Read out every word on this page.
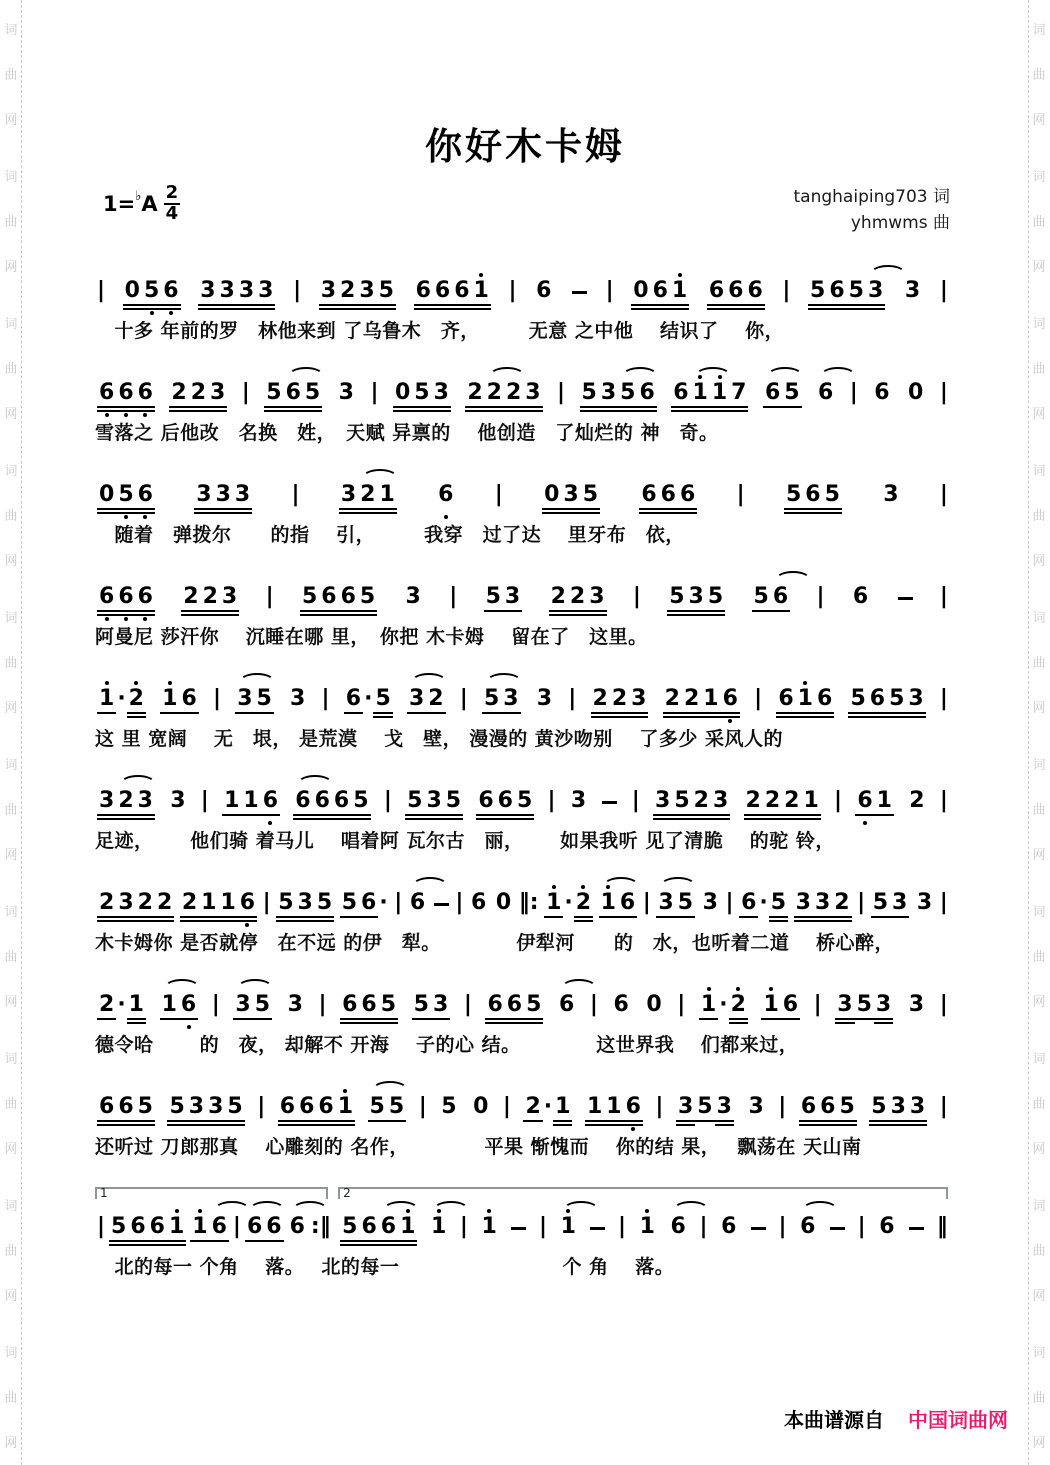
词
曲
网
词
曲
网
词
曲
网
词
曲
网
词
曲
网
词
曲
网
词
曲
网
词
曲
网
词
曲
网
词
曲
网
词
曲
网
词
曲
网
词
曲
网
词
曲
网
词
曲
网
词
曲
网
词
曲
网
词
曲
网
词
曲
网
词
曲
网
你好木卡姆
1= ♭ A $\frac{2}{4}$	tanghaiping703 词
yhmwms 曲
| 0 5 6 3 3 3 3 | 3 2 3 5 6 6 6 1 | 6 | 0 6 1 6 6 6 | 5 6 5 3 3 |
　十多 年前的罗　林他来到 了乌鲁木　齐，　　　无意 之中他　 结识了　 你，
6 6 6 2 2 3 | 5 6 5 3 | 0 5 3 2 2 2 3 | 5 3 5 6 6 1 1 7 6 5 6 | 6 0 |
雪落之 后他改　名换　姓，　天赋 异禀的　 他创造　了灿烂的 神　奇。
0 5 6 3 3 3 | 3 2 1 6 | 0 3 5 6 6 6 | 5 6 5 3 |
　随着　弹拨尔　　的指　 引，　　　我穿　过了达　 里牙布　依，
6 6 6 2 2 3 | 5 6 6 5 3 | 5 3 2 2 3 | 5 3 5 5 6 | 6	|
阿曼尼 莎汗你　 沉睡在哪 里，　你把 木卡姆　 留在了　这里。
1 · 2 1 6 | 3 5 3 | 6 · 5 3 2 | 5 3 3 | 2 2 3 2 2 1 6 | 6 1 6 5 6 5 3 |
这 里 宽阔　 无　垠， 是荒漠　 戈　壁， 漫漫的 黄沙吻别　 了多少 采风人的
3 2 3 3 | 1 1 6 6 6 6 5 | 5 3 5 6 6 5 | 3 | 3 5 2 3 2 2 2 1 | 6 1 2 |
足迹，　　 他们骑 着马儿　 唱着阿 瓦尔古　丽，　　 如果我听 见了清脆　 的驼 铃，
2 3 2 2 2 1 1 6 | 5 3 5 5 6 · | 6 | 6 0 ‖: 1 · 2 1 6 | 3 5 3 | 6 · 5 3 3 2 | 5 3 3 |
木卡姆你 是否就停　在不远 的伊　犁。　　　　 伊犁河　　的　水，也听着二道　 桥心醉，
2 · 1 1 6 | 3 5 3 | 6 6 5 5 3 | 6 6 5 6 | 6 0 | 1 · 2 1 6 | 3 5 3 3 |
德令哈　　 的　夜， 却解不 开海　 子的心 结。　　　　 这世界我　 们都来过，
6 6 5 5 3 3 5 | 6 6 6 1 5 5 | 5 0 | 2 · 1 1 1 6 | 3 5 3 3 | 6 6 5 5 3 3 |
还听过 刀郎那真　 心雕刻的 名作，　　　　 平果 惭愧而　 你的结 果，　 飘荡在 天山南
1
| 5 6 6 1 1 6 | 6 6 6 :‖
2
5 6 6 1 1 | 1 | 1 | 1 6 | 6 | 6 | 6 ‖
　北的每一 个角　 落。　 北的每一　　　　　　　　 个 角　 落。
本曲谱源自 中国词曲网
